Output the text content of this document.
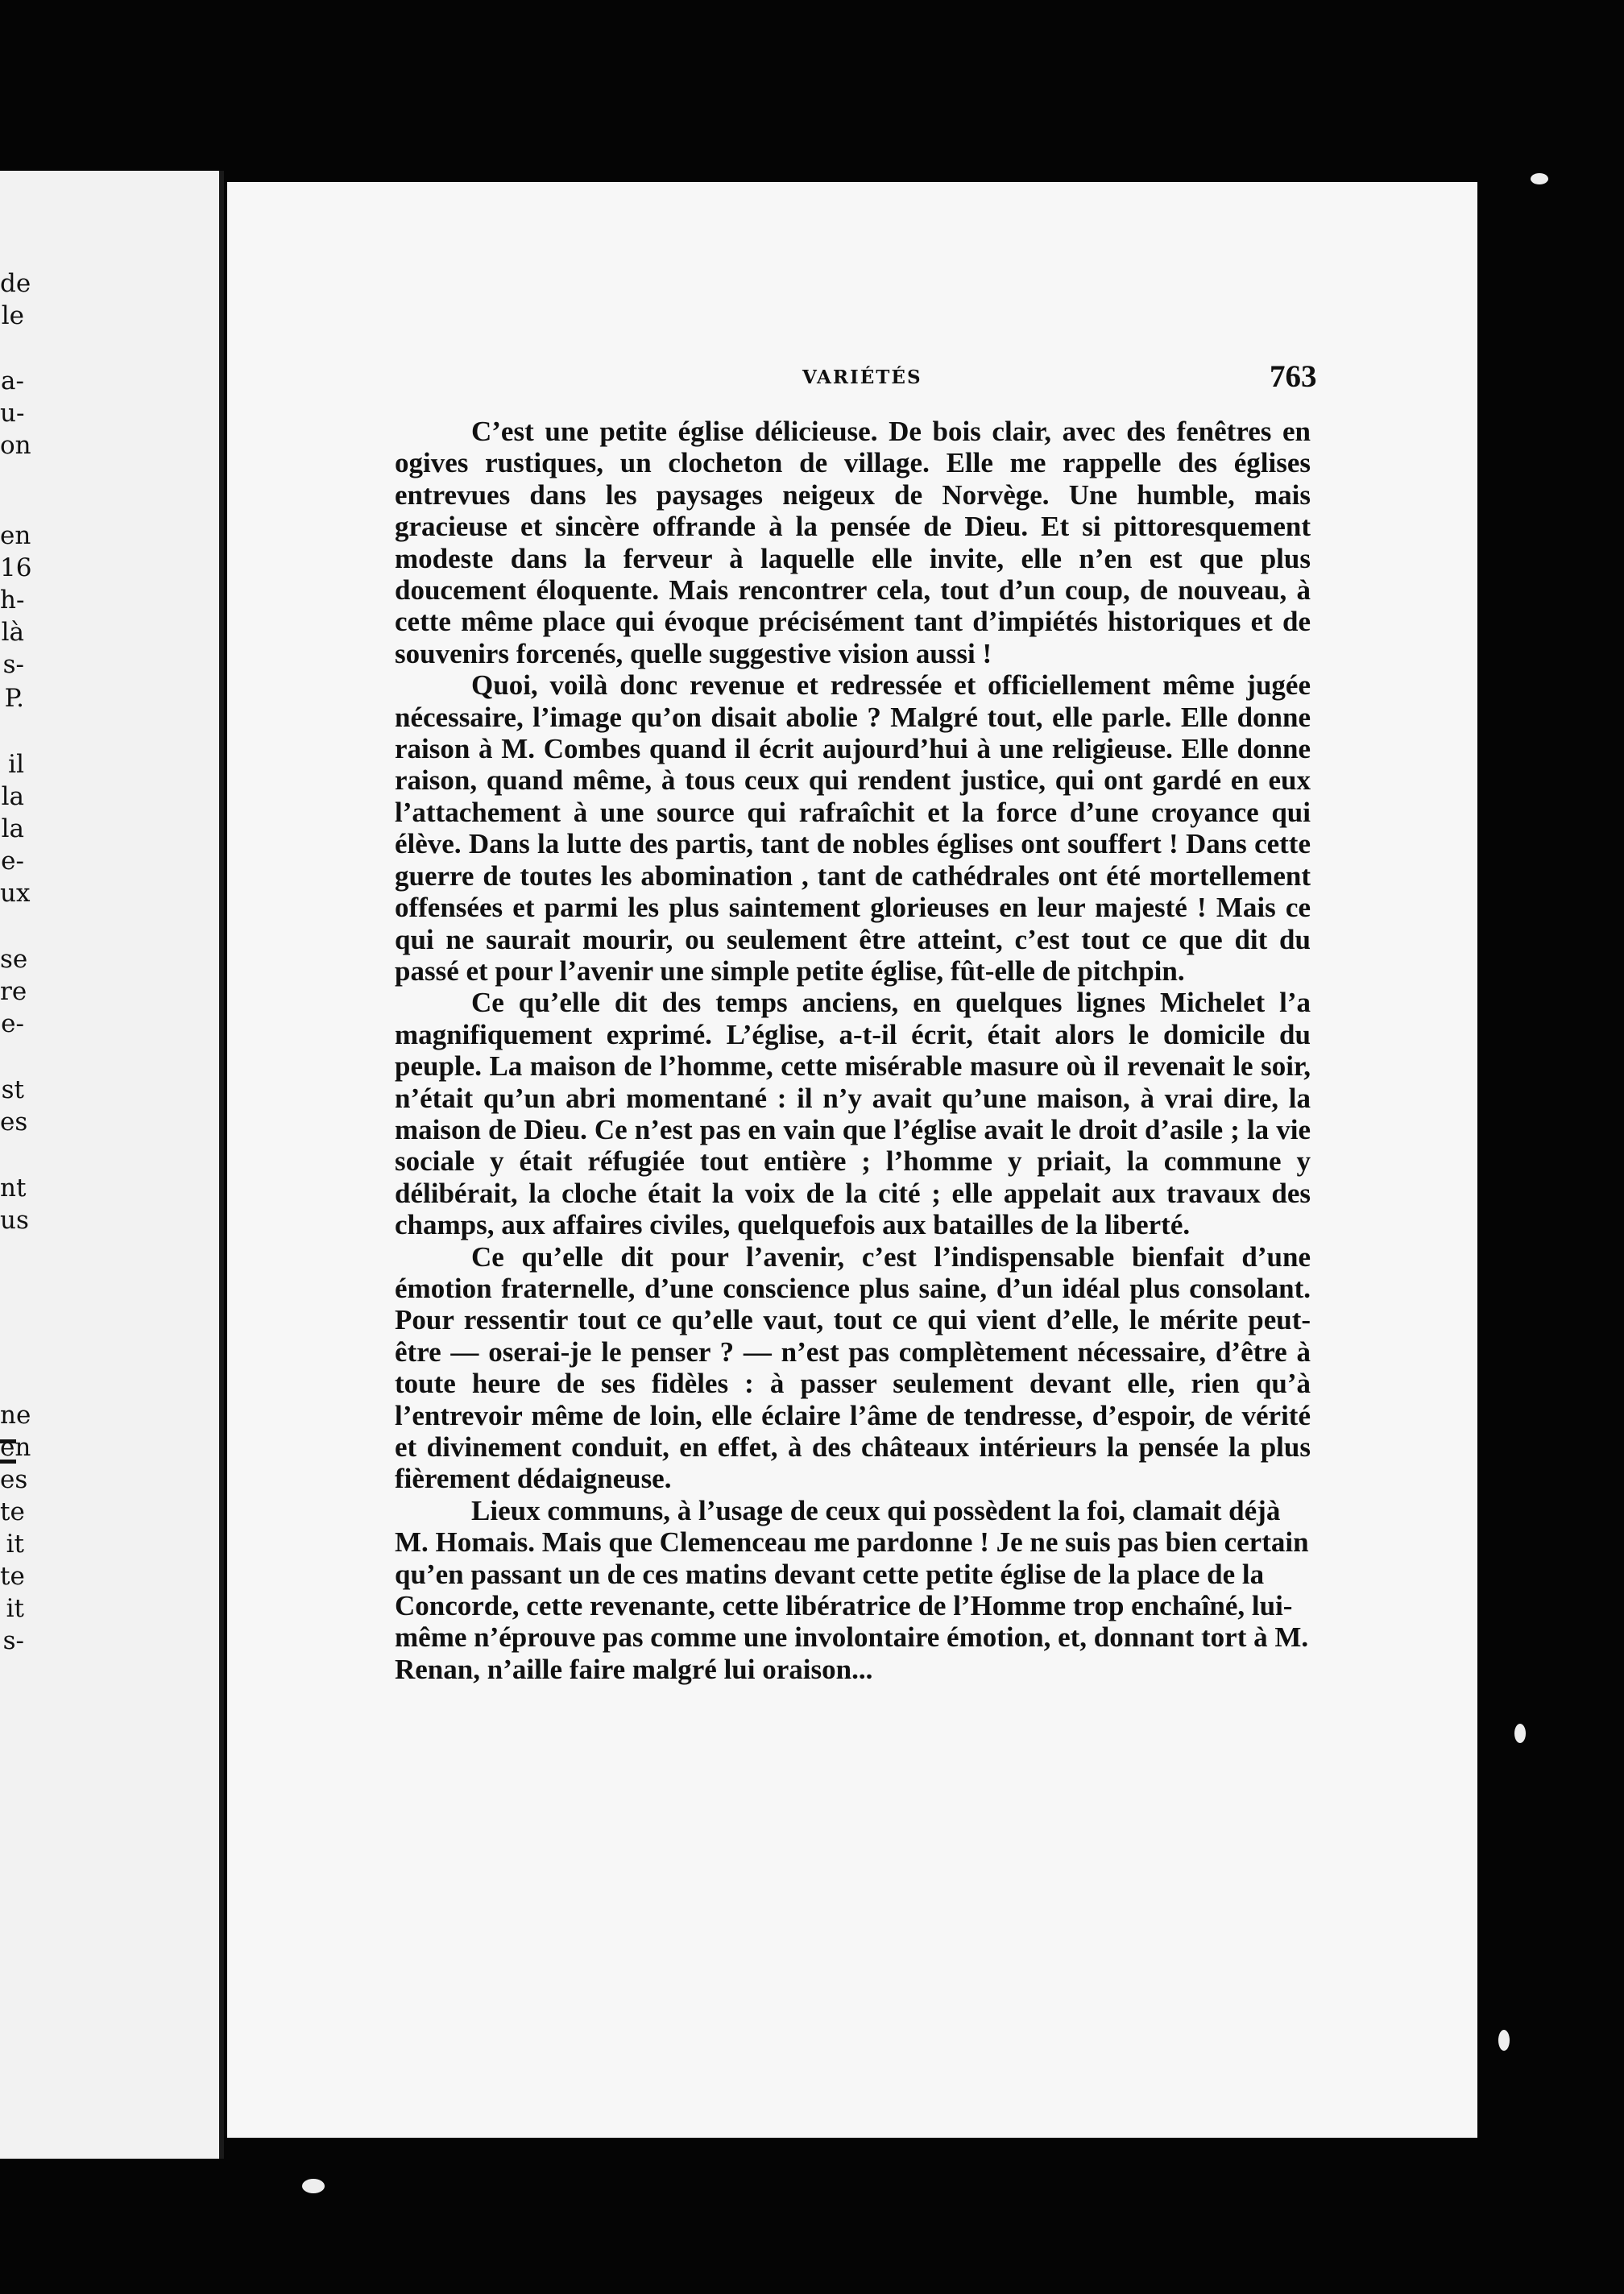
de
le
a-
u-
on
en
16
h-
là
s-
P.
il
la
la
e-
ux
se
re
e-
st
es
nt
us
ne
en
es
te
it
te
it
s-
VARIÉTÉS	763

C’est une petite église délicieuse. De bois clair, avec des fenêtres en ogives rustiques, un clocheton de village. Elle me rappelle des églises entrevues dans les paysages neigeux de Norvège. Une humble, mais gracieuse et sincère offrande à la pensée de Dieu. Et si pittoresquement modeste dans la ferveur à laquelle elle invite, elle n’en est que plus doucement éloquente. Mais rencontrer cela, tout d’un coup, de nouveau, à cette même place qui évoque précisément tant d’impiétés historiques et de souvenirs forcenés, quelle suggestive vision aussi !

Quoi, voilà donc revenue et redressée et officiellement même jugée nécessaire, l’image qu’on disait abolie ? Malgré tout, elle parle. Elle donne raison à M. Combes quand il écrit aujourd’hui à une religieuse. Elle donne raison, quand même, à tous ceux qui rendent justice, qui ont gardé en eux l’attachement à une source qui rafraîchit et la force d’une croyance qui élève. Dans la lutte des partis, tant de nobles églises ont souffert ! Dans cette guerre de toutes les abomination , tant de cathédrales ont été mortellement offensées et parmi les plus saintement glorieuses en leur majesté ! Mais ce qui ne saurait mourir, ou seulement être atteint, c’est tout ce que dit du passé et pour l’avenir une simple petite église, fût-elle de pitchpin.

Ce qu’elle dit des temps anciens, en quelques lignes Michelet l’a magnifiquement exprimé. L’église, a-t-il écrit, était alors le domicile du peuple. La maison de l’homme, cette misérable masure où il revenait le soir, n’était qu’un abri momentané : il n’y avait qu’une maison, à vrai dire, la maison de Dieu. Ce n’est pas en vain que l’église avait le droit d’asile ; la vie sociale y était réfugiée tout entière ; l’homme y priait, la commune y délibérait, la cloche était la voix de la cité ; elle appelait aux travaux des champs, aux affaires civiles, quelquefois aux batailles de la liberté.

Ce qu’elle dit pour l’avenir, c’est l’indispensable bienfait d’une émotion fraternelle, d’une conscience plus saine, d’un idéal plus consolant. Pour ressentir tout ce qu’elle vaut, tout ce qui vient d’elle, le mérite peut-être — oserai-je le penser ? — n’est pas complètement nécessaire, d’être à toute heure de ses fidèles : à passer seulement devant elle, rien qu’à l’entrevoir même de loin, elle éclaire l’âme de tendresse, d’espoir, de vérité et divinement conduit, en effet, à des châteaux intérieurs la pensée la plus fièrement dédaigneuse.

Lieux communs, à l’usage de ceux qui possèdent la foi, clamait déjà M. Homais. Mais que Clemenceau me pardonne ! Je ne suis pas bien certain qu’en passant un de ces matins devant cette petite église de la place de la Concorde, cette revenante, cette libératrice de l’Homme trop enchaîné, lui-même n’éprouve pas comme une involontaire émotion, et, donnant tort à M. Renan, n’aille faire malgré lui oraison...
